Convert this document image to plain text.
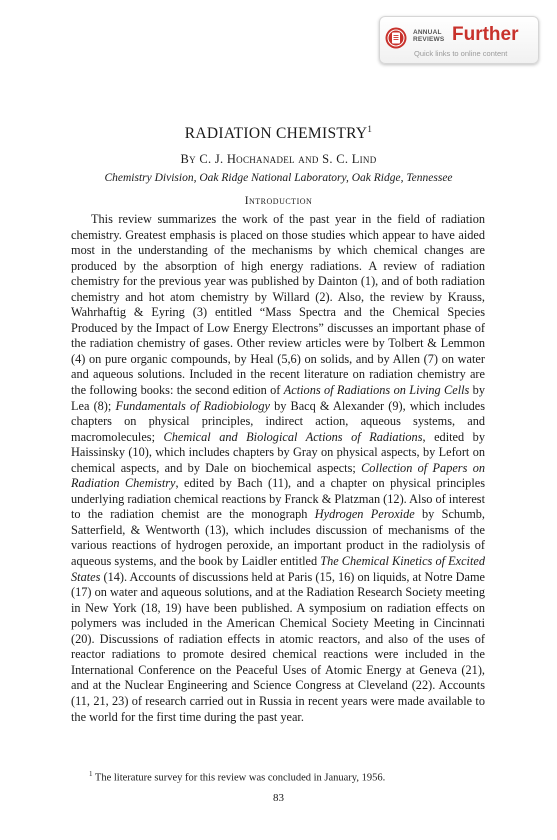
ANNUAL
REVIEWS Further
Quick links to online content
RADIATION CHEMISTRY$^1$
By C. J. Hochanadel and S. C. Lind
Chemistry Division, Oak Ridge National Laboratory, Oak Ridge, Tennessee
Introduction

This review summarizes the work of the past year in the field of radiation chemistry. Greatest emphasis is placed on those studies which appear to have aided most in the understanding of the mechanisms by which chemical changes are produced by the absorption of high energy radiations. A review of radiation chemistry for the previous year was published by Dainton (1), and of both radiation chemistry and hot atom chemistry by Willard (2). Also, the review by Krauss, Wahrhaftig & Eyring (3) entitled “Mass Spectra and the Chemical Species Produced by the Impact of Low Energy Electrons” discusses an important phase of the radiation chemistry of gases. Other review articles were by Tolbert & Lemmon (4) on pure organic compounds, by Heal (5,6) on solids, and by Allen (7) on water and aqueous solutions. Included in the recent literature on radiation chemistry are the following books: the second edition of Actions of Radiations on Living Cells by Lea (8); Fundamentals of Radiobiology by Bacq & Alexander (9), which includes chapters on physical principles, indirect action, aqueous systems, and macromolecules; Chemical and Biological Actions of Radiations, edited by Haissinsky (10), which includes chapters by Gray on physical aspects, by Lefort on chemical aspects, and by Dale on biochemical aspects; Collection of Papers on Radiation Chemistry, edited by Bach (11), and a chapter on physical principles underlying radiation chemical reactions by Franck & Platzman (12). Also of interest to the radiation chemist are the monograph Hydrogen Peroxide by Schumb, Satterfield, & Wentworth (13), which includes discussion of mechanisms of the various reactions of hydrogen peroxide, an important product in the radiolysis of aqueous systems, and the book by Laidler entitled The Chemical Kinetics of Excited States (14). Accounts of discussions held at Paris (15, 16) on liquids, at Notre Dame (17) on water and aqueous solutions, and at the Radiation Research Society meeting in New York (18, 19) have been published. A symposium on radiation effects on polymers was included in the American Chemical Society Meeting in Cincinnati (20). Discussions of radiation effects in atomic reactors, and also of the uses of reactor radiations to promote desired chemical reactions were included in the International Conference on the Peaceful Uses of Atomic Energy at Geneva (21), and at the Nuclear Engineering and Science Congress at Cleveland (22). Accounts (11, 21, 23) of research carried out in Russia in recent years were made available to the world for the first time during the past year.

$^1$ The literature survey for this review was concluded in January, 1956.
83
